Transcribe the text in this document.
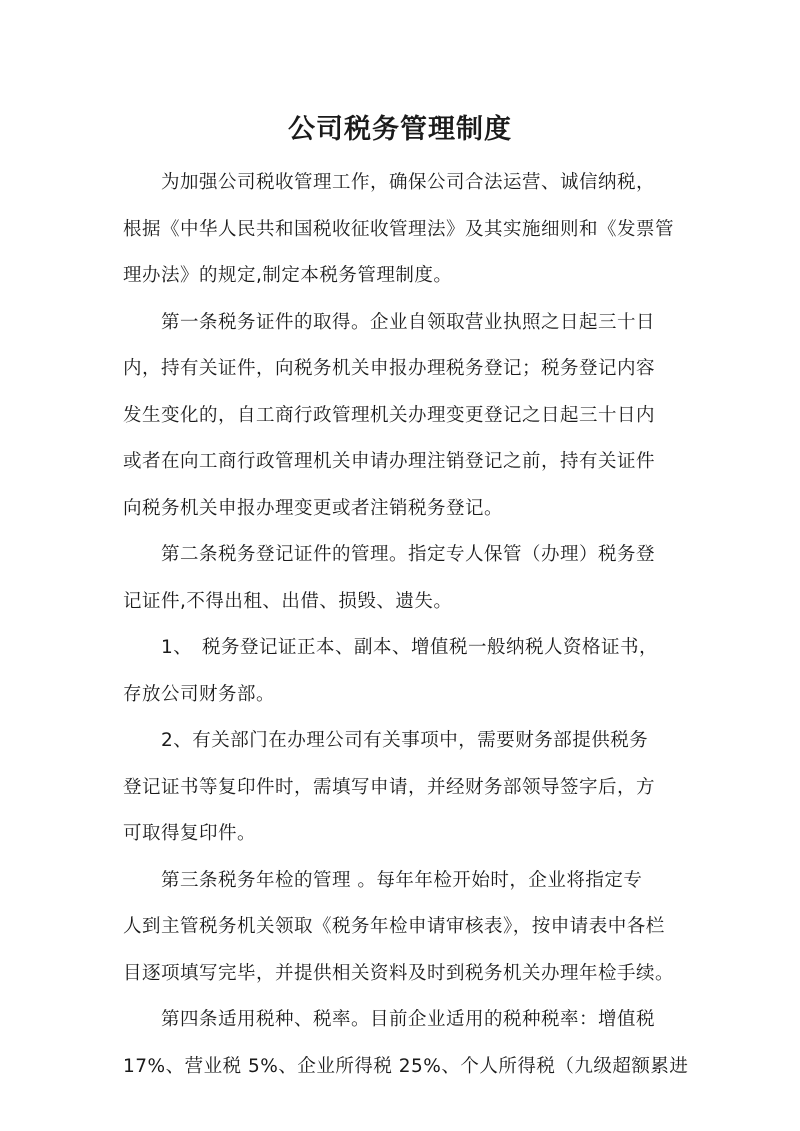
公司税务管理制度
　　为加强公司税收管理工作，确保公司合法运营、诚信纳税，
根据《中华人民共和国税收征收管理法》及其实施细则和《发票管
理办法》的规定,制定本税务管理制度。
　　第一条税务证件的取得。企业自领取营业执照之日起三十日
内，持有关证件，向税务机关申报办理税务登记；税务登记内容
发生变化的，自工商行政管理机关办理变更登记之日起三十日内
或者在向工商行政管理机关申请办理注销登记之前，持有关证件
向税务机关申报办理变更或者注销税务登记。
　　第二条税务登记证件的管理。指定专人保管（办理）税务登
记证件,不得出租、出借、损毁、遗失。
　　1、　税务登记证正本、副本、增值税一般纳税人资格证书，
存放公司财务部。
　　2、有关部门在办理公司有关事项中，需要财务部提供税务
登记证书等复印件时，需填写申请，并经财务部领导签字后，方
可取得复印件。
　　第三条税务年检的管理 。每年年检开始时，企业将指定专
人到主管税务机关领取《税务年检申请审核表》，按申请表中各栏
目逐项填写完毕，并提供相关资料及时到税务机关办理年检手续。
　　第四条适用税种、税率。目前企业适用的税种税率：增值税
17%、营业税 5%、企业所得税 25%、个人所得税（九级超额累进
